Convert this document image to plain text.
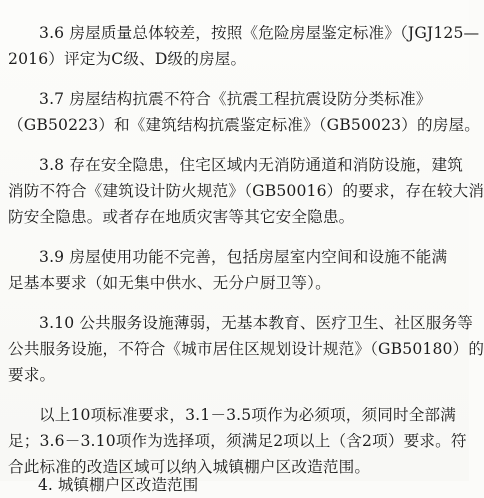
3.6 房屋质量总体较差，按照《危险房屋鉴定标准》（JGJ125—
2016）评定为C级、D级的房屋。

3.7 房屋结构抗震不符合《抗震工程抗震设防分类标准》
（GB50223）和《建筑结构抗震鉴定标准》（GB50023）的房屋。

3.8 存在安全隐患，住宅区域内无消防通道和消防设施，建筑
消防不符合《建筑设计防火规范》（GB50016）的要求，存在较大消
防安全隐患。或者存在地质灾害等其它安全隐患。

3.9 房屋使用功能不完善，包括房屋室内空间和设施不能满
足基本要求（如无集中供水、无分户厨卫等）。

3.10 公共服务设施薄弱，无基本教育、医疗卫生、社区服务等
公共服务设施，不符合《城市居住区规划设计规范》（GB50180）的
要求。

以上10项标准要求，3.1－3.5项作为必须项，须同时全部满
足；3.6－3.10项作为选择项，须满足2项以上（含2项）要求。符
合此标准的改造区域可以纳入城镇棚户区改造范围。

4. 城镇棚户区改造范围
